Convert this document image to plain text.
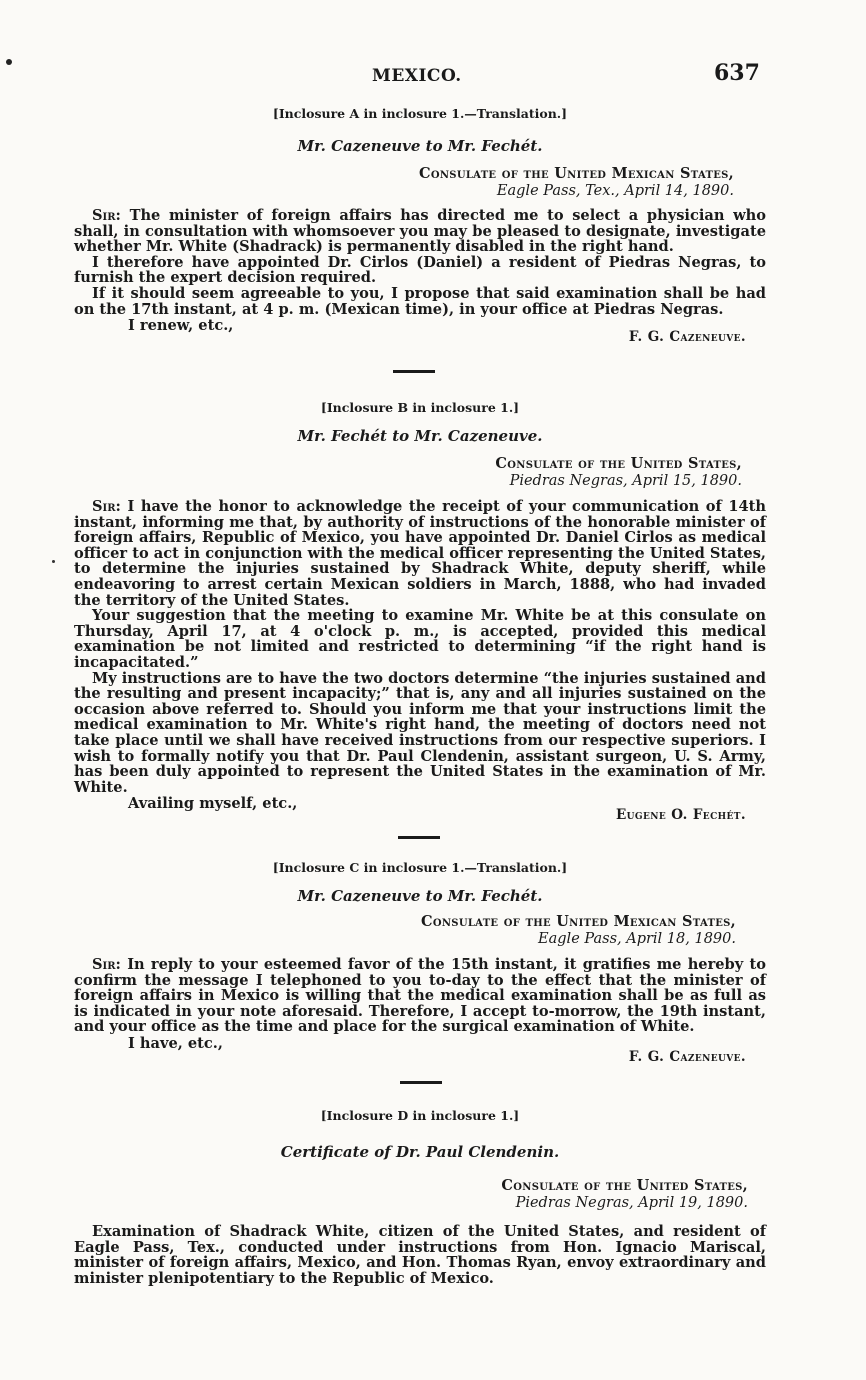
MEXICO.	637

[Inclosure A in inclosure 1.—Translation.]

Mr. Cazeneuve to Mr. Fechét.

Consulate of the United Mexican States,

Eagle Pass, Tex., April 14, 1890.

Sir: The minister of foreign affairs has directed me to select a physician who shall, in consultation with whomsoever you may be pleased to designate, investigate whether Mr. White (Shadrack) is permanently disabled in the right hand.

I therefore have appointed Dr. Cirlos (Daniel) a resident of Piedras Negras, to furnish the expert decision required.

If it should seem agreeable to you, I propose that said examination shall be had on the 17th instant, at 4 p. m. (Mexican time), in your office at Piedras Negras.

I renew, etc.,

F. G. Cazeneuve.

[Inclosure B in inclosure 1.]

Mr. Fechét to Mr. Cazeneuve.

Consulate of the United States,

Piedras Negras, April 15, 1890.

Sir: I have the honor to acknowledge the receipt of your communication of 14th instant, informing me that, by authority of instructions of the honorable minister of foreign affairs, Republic of Mexico, you have appointed Dr. Daniel Cirlos as medical officer to act in conjunction with the medical officer representing the United States, to determine the injuries sustained by Shadrack White, deputy sheriff, while endeavoring to arrest certain Mexican soldiers in March, 1888, who had invaded the territory of the United States.

Your suggestion that the meeting to examine Mr. White be at this consulate on Thursday, April 17, at 4 o'clock p. m., is accepted, provided this medical examination be not limited and restricted to determining “if the right hand is incapacitated.”

My instructions are to have the two doctors determine “the injuries sustained and the resulting and present incapacity;” that is, any and all injuries sustained on the occasion above referred to. Should you inform me that your instructions limit the medical examination to Mr. White's right hand, the meeting of doctors need not take place until we shall have received instructions from our respective superiors. I wish to formally notify you that Dr. Paul Clendenin, assistant surgeon, U. S. Army, has been duly appointed to represent the United States in the examination of Mr. White.

Availing myself, etc.,

Eugene O. Fechét.

[Inclosure C in inclosure 1.—Translation.]

Mr. Cazeneuve to Mr. Fechét.

Consulate of the United Mexican States,

Eagle Pass, April 18, 1890.

Sir: In reply to your esteemed favor of the 15th instant, it gratifies me hereby to confirm the message I telephoned to you to-day to the effect that the minister of foreign affairs in Mexico is willing that the medical examination shall be as full as is indicated in your note aforesaid. Therefore, I accept to-morrow, the 19th instant, and your office as the time and place for the surgical examination of White.

I have, etc.,

F. G. Cazeneuve.

[Inclosure D in inclosure 1.]

Certificate of Dr. Paul Clendenin.

Consulate of the United States,

Piedras Negras, April 19, 1890.

Examination of Shadrack White, citizen of the United States, and resident of Eagle Pass, Tex., conducted under instructions from Hon. Ignacio Mariscal, minister of foreign affairs, Mexico, and Hon. Thomas Ryan, envoy extraordinary and minister plenipotentiary to the Republic of Mexico.
